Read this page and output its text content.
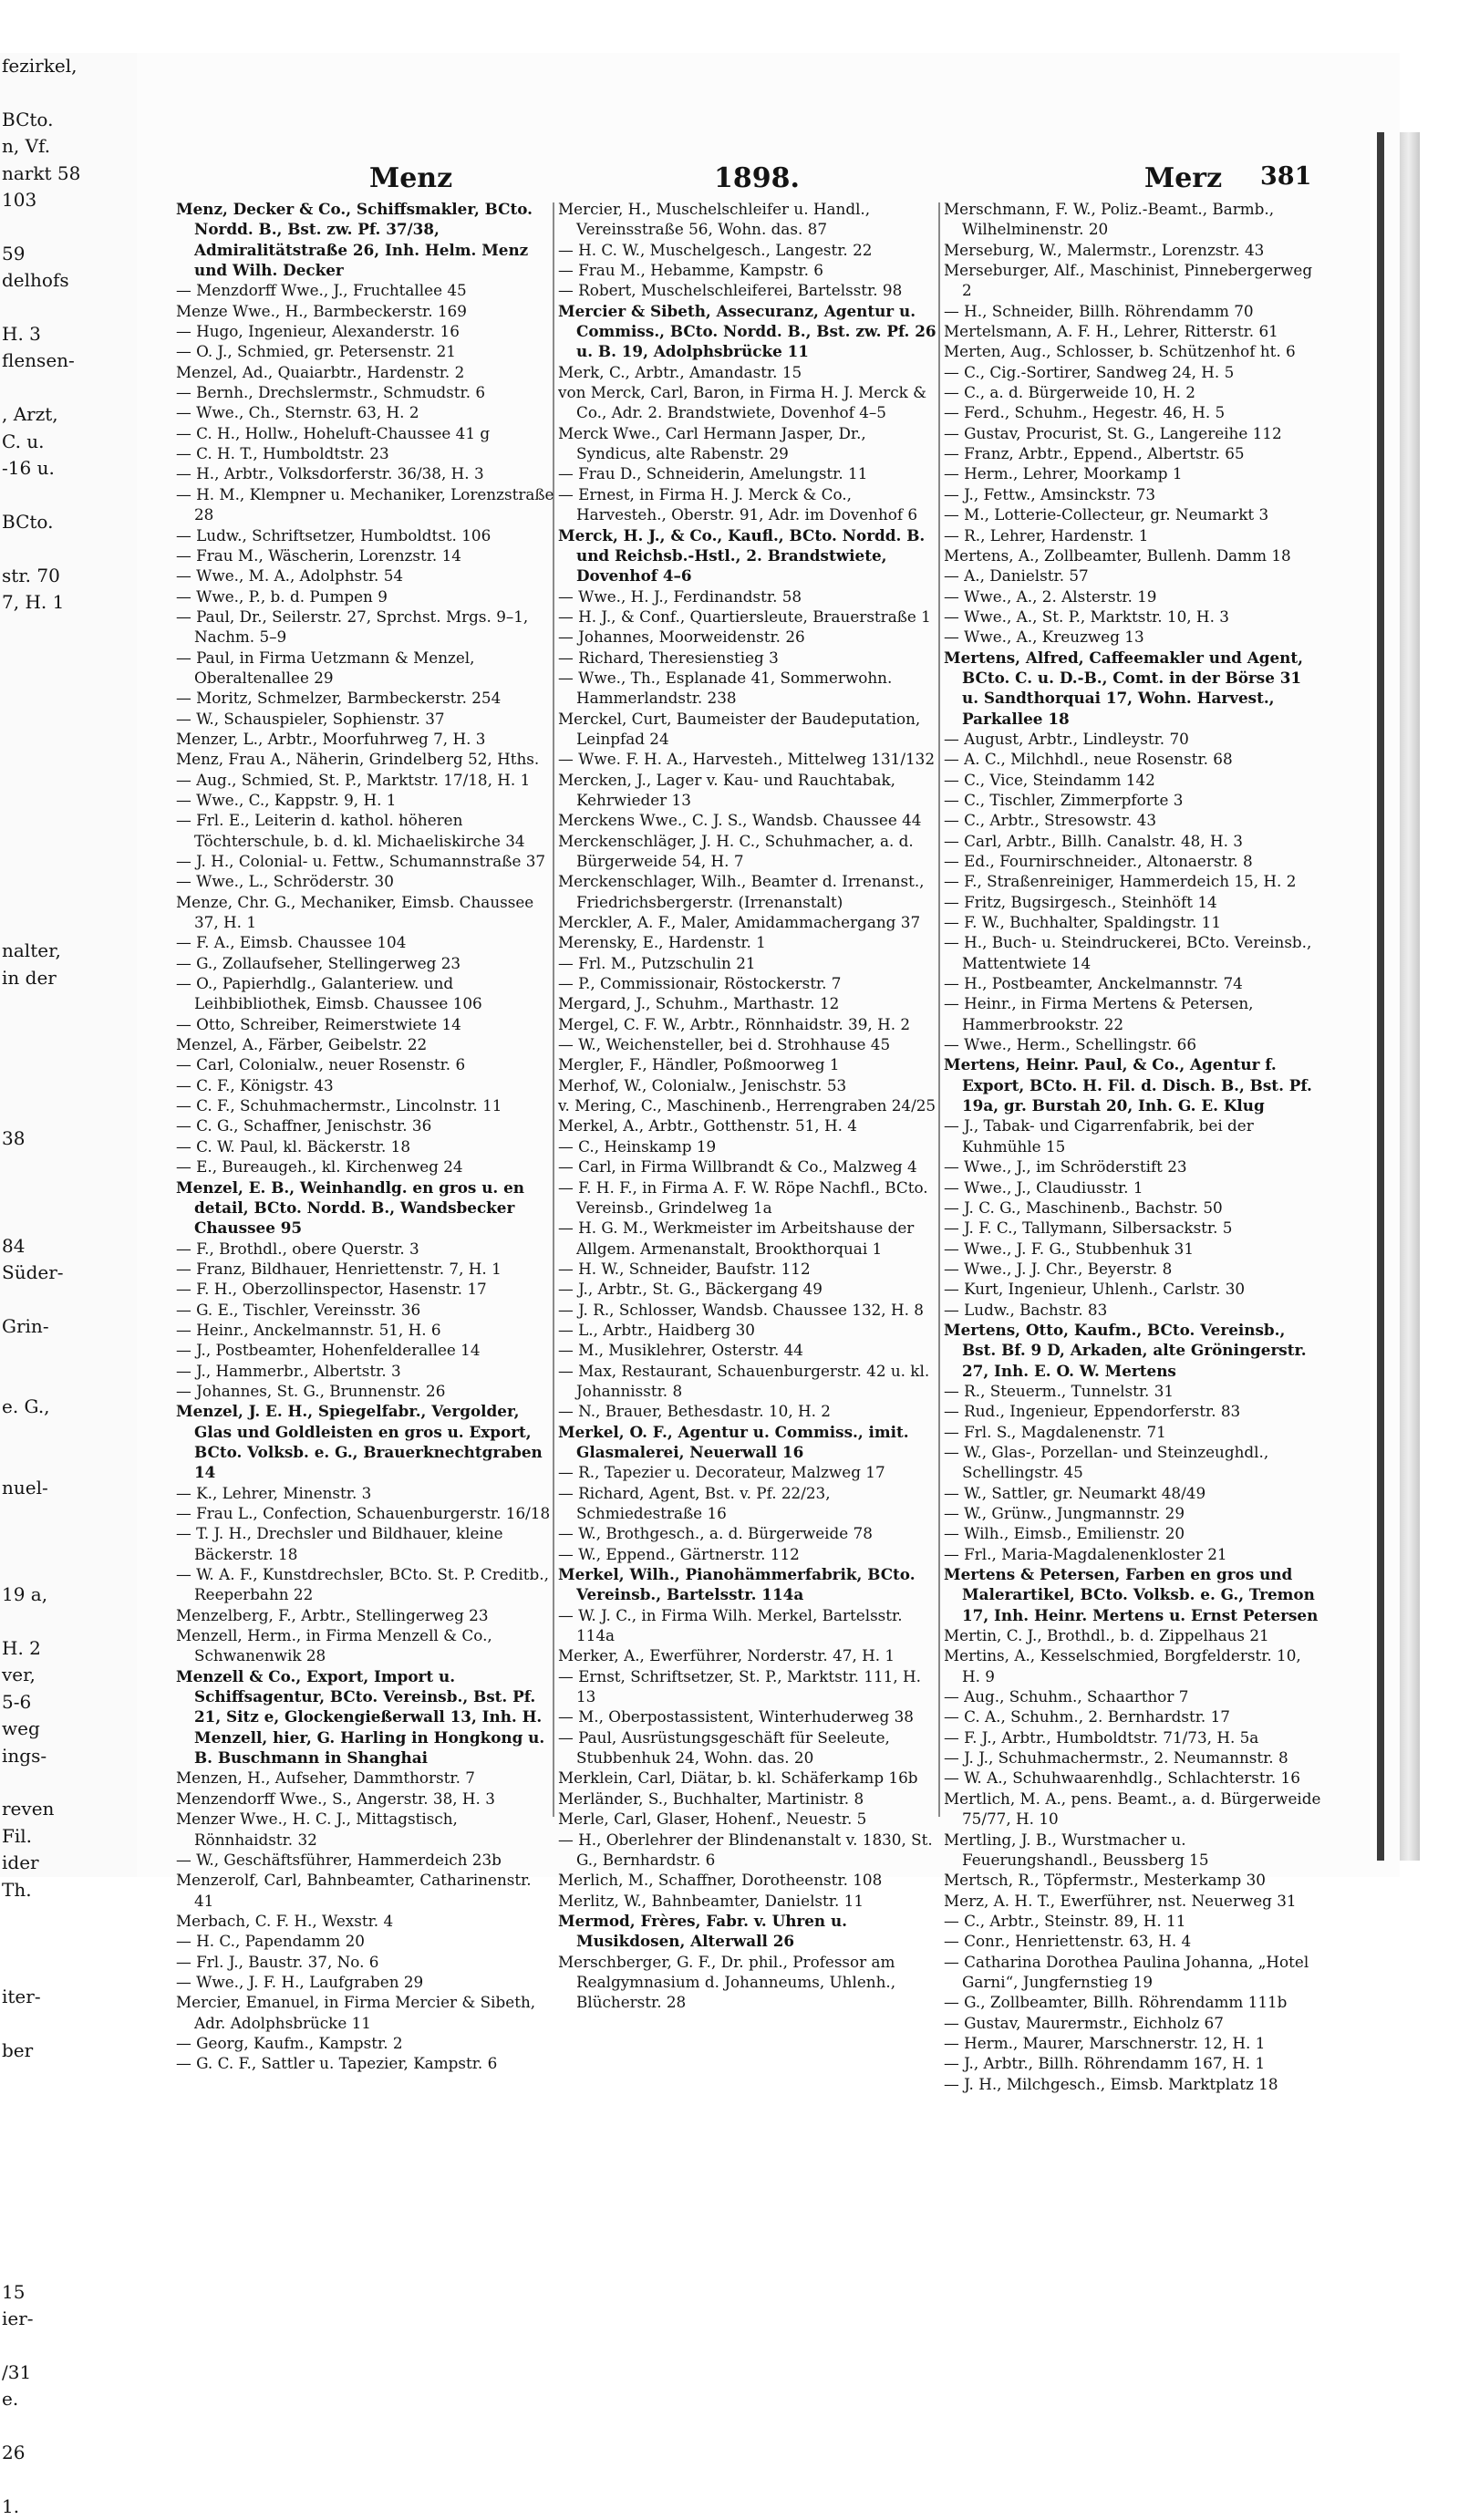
fezirkel,

BCto.
n, Vf.
narkt 58
103

59
delhofs

H. 3
flensen-

, Arzt,
C. u.
-16 u.

BCto.

str. 70
7, H. 1

nalter,
in der

38

84
Süder-

Grin-

e. G.,

nuel-

19 a,

H. 2
ver,
5-6
weg
ings-

reven
Fil.
ider
Th.

iter-

ber

15
ier-

/31
e.

26

1.
Menz	1898.	Merz 381
Menz, Decker & Co., Schiffsmakler, BCto. Nordd. B., Bst. zw. Pf. 37/38, Admiralitätstraße 26, Inh. Helm. Menz und Wilh. Decker
— Menzdorff Wwe., J., Fruchtallee 45
Menze Wwe., H., Barmbeckerstr. 169
— Hugo, Ingenieur, Alexanderstr. 16
— O. J., Schmied, gr. Petersenstr. 21
Menzel, Ad., Quaiarbtr., Hardenstr. 2
— Bernh., Drechslermstr., Schmudstr. 6
— Wwe., Ch., Sternstr. 63, H. 2
— C. H., Hollw., Hoheluft-Chaussee 41 g
— C. H. T., Humboldtstr. 23
— H., Arbtr., Volksdorferstr. 36/38, H. 3
— H. M., Klempner u. Mechaniker, Lorenzstraße 28
— Ludw., Schriftsetzer, Humboldtst. 106
— Frau M., Wäscherin, Lorenzstr. 14
— Wwe., M. A., Adolphstr. 54
— Wwe., P., b. d. Pumpen 9
— Paul, Dr., Seilerstr. 27, Sprchst. Mrgs. 9–1, Nachm. 5–9
— Paul, in Firma Uetzmann & Menzel, Oberaltenallee 29
— Moritz, Schmelzer, Barmbeckerstr. 254
— W., Schauspieler, Sophienstr. 37
Menzer, L., Arbtr., Moorfuhrweg 7, H. 3
Menz, Frau A., Näherin, Grindelberg 52, Hths.
— Aug., Schmied, St. P., Marktstr. 17/18, H. 1
— Wwe., C., Kappstr. 9, H. 1
— Frl. E., Leiterin d. kathol. höheren Töchterschule, b. d. kl. Michaeliskirche 34
— J. H., Colonial- u. Fettw., Schumannstraße 37
— Wwe., L., Schröderstr. 30
Menze, Chr. G., Mechaniker, Eimsb. Chaussee 37, H. 1
— F. A., Eimsb. Chaussee 104
— G., Zollaufseher, Stellingerweg 23
— O., Papierhdlg., Galanteriew. und Leihbibliothek, Eimsb. Chaussee 106
— Otto, Schreiber, Reimerstwiete 14
Menzel, A., Färber, Geibelstr. 22
— Carl, Colonialw., neuer Rosenstr. 6
— C. F., Königstr. 43
— C. F., Schuhmachermstr., Lincolnstr. 11
— C. G., Schaffner, Jenischstr. 36
— C. W. Paul, kl. Bäckerstr. 18
— E., Bureaugeh., kl. Kirchenweg 24
Menzel, E. B., Weinhandlg. en gros u. en detail, BCto. Nordd. B., Wandsbecker Chaussee 95
— F., Brothdl., obere Querstr. 3
— Franz, Bildhauer, Henriettenstr. 7, H. 1
— F. H., Oberzollinspector, Hasenstr. 17
— G. E., Tischler, Vereinsstr. 36
— Heinr., Anckelmannstr. 51, H. 6
— J., Postbeamter, Hohenfelderallee 14
— J., Hammerbr., Albertstr. 3
— Johannes, St. G., Brunnenstr. 26
Menzel, J. E. H., Spiegelfabr., Vergolder, Glas und Goldleisten en gros u. Export, BCto. Volksb. e. G., Brauerknechtgraben 14
— K., Lehrer, Minenstr. 3
— Frau L., Confection, Schauenburgerstr. 16/18
— T. J. H., Drechsler und Bildhauer, kleine Bäckerstr. 18
— W. A. F., Kunstdrechsler, BCto. St. P. Creditb., Reeperbahn 22
Menzelberg, F., Arbtr., Stellingerweg 23
Menzell, Herm., in Firma Menzell & Co., Schwanenwik 28
Menzell & Co., Export, Import u. Schiffsagentur, BCto. Vereinsb., Bst. Pf. 21, Sitz e, Glockengießerwall 13, Inh. H. Menzell, hier, G. Harling in Hongkong u. B. Buschmann in Shanghai
Menzen, H., Aufseher, Dammthorstr. 7
Menzendorff Wwe., S., Angerstr. 38, H. 3
Menzer Wwe., H. C. J., Mittagstisch, Rönnhaidstr. 32
— W., Geschäftsführer, Hammerdeich 23b
Menzerolf, Carl, Bahnbeamter, Catharinenstr. 41
Merbach, C. F. H., Wexstr. 4
— H. C., Papendamm 20
— Frl. J., Baustr. 37, No. 6
— Wwe., J. F. H., Laufgraben 29
Mercier, Emanuel, in Firma Mercier & Sibeth, Adr. Adolphsbrücke 11
— Georg, Kaufm., Kampstr. 2
— G. C. F., Sattler u. Tapezier, Kampstr. 6
Mercier, H., Muschelschleifer u. Handl., Vereinsstraße 56, Wohn. das. 87
— H. C. W., Muschelgesch., Langestr. 22
— Frau M., Hebamme, Kampstr. 6
— Robert, Muschelschleiferei, Bartelsstr. 98
Mercier & Sibeth, Assecuranz, Agentur u. Commiss., BCto. Nordd. B., Bst. zw. Pf. 26 u. B. 19, Adolphsbrücke 11
Merk, C., Arbtr., Amandastr. 15
von Merck, Carl, Baron, in Firma H. J. Merck & Co., Adr. 2. Brandstwiete, Dovenhof 4–5
Merck Wwe., Carl Hermann Jasper, Dr., Syndicus, alte Rabenstr. 29
— Frau D., Schneiderin, Amelungstr. 11
— Ernest, in Firma H. J. Merck & Co., Harvesteh., Oberstr. 91, Adr. im Dovenhof 6
Merck, H. J., & Co., Kaufl., BCto. Nordd. B. und Reichsb.-Hstl., 2. Brandstwiete, Dovenhof 4–6
— Wwe., H. J., Ferdinandstr. 58
— H. J., & Conf., Quartiersleute, Brauerstraße 1
— Johannes, Moorweidenstr. 26
— Richard, Theresienstieg 3
— Wwe., Th., Esplanade 41, Sommerwohn. Hammerlandstr. 238
Merckel, Curt, Baumeister der Baudeputation, Leinpfad 24
— Wwe. F. H. A., Harvesteh., Mittelweg 131/132
Mercken, J., Lager v. Kau- und Rauchtabak, Kehrwieder 13
Merckens Wwe., C. J. S., Wandsb. Chaussee 44
Merckenschläger, J. H. C., Schuhmacher, a. d. Bürgerweide 54, H. 7
Merckenschlager, Wilh., Beamter d. Irrenanst., Friedrichsbergerstr. (Irrenanstalt)
Merckler, A. F., Maler, Amidammachergang 37
Merensky, E., Hardenstr. 1
— Frl. M., Putzschulin 21
— P., Commissionair, Röstockerstr. 7
Mergard, J., Schuhm., Marthastr. 12
Mergel, C. F. W., Arbtr., Rönnhaidstr. 39, H. 2
— W., Weichensteller, bei d. Strohhause 45
Mergler, F., Händler, Poßmoorweg 1
Merhof, W., Colonialw., Jenischstr. 53
v. Mering, C., Maschinenb., Herrengraben 24/25
Merkel, A., Arbtr., Gotthenstr. 51, H. 4
— C., Heinskamp 19
— Carl, in Firma Willbrandt & Co., Malzweg 4
— F. H. F., in Firma A. F. W. Röpe Nachfl., BCto. Vereinsb., Grindelweg 1a
— H. G. M., Werkmeister im Arbeitshause der Allgem. Armenanstalt, Brookthorquai 1
— H. W., Schneider, Baufstr. 112
— J., Arbtr., St. G., Bäckergang 49
— J. R., Schlosser, Wandsb. Chaussee 132, H. 8
— L., Arbtr., Haidberg 30
— M., Musiklehrer, Osterstr. 44
— Max, Restaurant, Schauenburgerstr. 42 u. kl. Johannisstr. 8
— N., Brauer, Bethesdastr. 10, H. 2
Merkel, O. F., Agentur u. Commiss., imit. Glasmalerei, Neuerwall 16
— R., Tapezier u. Decorateur, Malzweg 17
— Richard, Agent, Bst. v. Pf. 22/23, Schmiedestraße 16
— W., Brothgesch., a. d. Bürgerweide 78
— W., Eppend., Gärtnerstr. 112
Merkel, Wilh., Pianohämmerfabrik, BCto. Vereinsb., Bartelsstr. 114a
— W. J. C., in Firma Wilh. Merkel, Bartelsstr. 114a
Merker, A., Ewerführer, Norderstr. 47, H. 1
— Ernst, Schriftsetzer, St. P., Marktstr. 111, H. 13
— M., Oberpostassistent, Winterhuderweg 38
— Paul, Ausrüstungsgeschäft für Seeleute, Stubbenhuk 24, Wohn. das. 20
Merklein, Carl, Diätar, b. kl. Schäferkamp 16b
Merländer, S., Buchhalter, Martinistr. 8
Merle, Carl, Glaser, Hohenf., Neuestr. 5
— H., Oberlehrer der Blindenanstalt v. 1830, St. G., Bernhardstr. 6
Merlich, M., Schaffner, Dorotheenstr. 108
Merlitz, W., Bahnbeamter, Danielstr. 11
Mermod, Frères, Fabr. v. Uhren u. Musikdosen, Alterwall 26
Merschberger, G. F., Dr. phil., Professor am Realgymnasium d. Johanneums, Uhlenh., Blücherstr. 28
Merschmann, F. W., Poliz.-Beamt., Barmb., Wilhelminenstr. 20
Merseburg, W., Malermstr., Lorenzstr. 43
Merseburger, Alf., Maschinist, Pinnebergerweg 2
— H., Schneider, Billh. Röhrendamm 70
Mertelsmann, A. F. H., Lehrer, Ritterstr. 61
Merten, Aug., Schlosser, b. Schützenhof ht. 6
— C., Cig.-Sortirer, Sandweg 24, H. 5
— C., a. d. Bürgerweide 10, H. 2
— Ferd., Schuhm., Hegestr. 46, H. 5
— Gustav, Procurist, St. G., Langereihe 112
— Franz, Arbtr., Eppend., Albertstr. 65
— Herm., Lehrer, Moorkamp 1
— J., Fettw., Amsinckstr. 73
— M., Lotterie-Collecteur, gr. Neumarkt 3
— R., Lehrer, Hardenstr. 1
Mertens, A., Zollbeamter, Bullenh. Damm 18
— A., Danielstr. 57
— Wwe., A., 2. Alsterstr. 19
— Wwe., A., St. P., Marktstr. 10, H. 3
— Wwe., A., Kreuzweg 13
Mertens, Alfred, Caffeemakler und Agent, BCto. C. u. D.-B., Comt. in der Börse 31 u. Sandthorquai 17, Wohn. Harvest., Parkallee 18
— August, Arbtr., Lindleystr. 70
— A. C., Milchhdl., neue Rosenstr. 68
— C., Vice, Steindamm 142
— C., Tischler, Zimmerpforte 3
— C., Arbtr., Stresowstr. 43
— Carl, Arbtr., Billh. Canalstr. 48, H. 3
— Ed., Fournirschneider., Altonaerstr. 8
— F., Straßenreiniger, Hammerdeich 15, H. 2
— Fritz, Bugsirgesch., Steinhöft 14
— F. W., Buchhalter, Spaldingstr. 11
— H., Buch- u. Steindruckerei, BCto. Vereinsb., Mattentwiete 14
— H., Postbeamter, Anckelmannstr. 74
— Heinr., in Firma Mertens & Petersen, Hammerbrookstr. 22
— Wwe., Herm., Schellingstr. 66
Mertens, Heinr. Paul, & Co., Agentur f. Export, BCto. H. Fil. d. Disch. B., Bst. Pf. 19a, gr. Burstah 20, Inh. G. E. Klug
— J., Tabak- und Cigarrenfabrik, bei der Kuhmühle 15
— Wwe., J., im Schröderstift 23
— Wwe., J., Claudiusstr. 1
— J. C. G., Maschinenb., Bachstr. 50
— J. F. C., Tallymann, Silbersackstr. 5
— Wwe., J. F. G., Stubbenhuk 31
— Wwe., J. J. Chr., Beyerstr. 8
— Kurt, Ingenieur, Uhlenh., Carlstr. 30
— Ludw., Bachstr. 83
Mertens, Otto, Kaufm., BCto. Vereinsb., Bst. Bf. 9 D, Arkaden, alte Gröningerstr. 27, Inh. E. O. W. Mertens
— R., Steuerm., Tunnelstr. 31
— Rud., Ingenieur, Eppendorferstr. 83
— Frl. S., Magdalenenstr. 71
— W., Glas-, Porzellan- und Steinzeughdl., Schellingstr. 45
— W., Sattler, gr. Neumarkt 48/49
— W., Grünw., Jungmannstr. 29
— Wilh., Eimsb., Emilienstr. 20
— Frl., Maria-Magdalenenkloster 21
Mertens & Petersen, Farben en gros und Malerartikel, BCto. Volksb. e. G., Tremon 17, Inh. Heinr. Mertens u. Ernst Petersen
Mertin, C. J., Brothdl., b. d. Zippelhaus 21
Mertins, A., Kesselschmied, Borgfelderstr. 10, H. 9
— Aug., Schuhm., Schaarthor 7
— C. A., Schuhm., 2. Bernhardstr. 17
— F. J., Arbtr., Humboldtstr. 71/73, H. 5a
— J. J., Schuhmachermstr., 2. Neumannstr. 8
— W. A., Schuhwaarenhdlg., Schlachterstr. 16
Mertlich, M. A., pens. Beamt., a. d. Bürgerweide 75/77, H. 10
Mertling, J. B., Wurstmacher u. Feuerungshandl., Beussberg 15
Mertsch, R., Töpfermstr., Mesterkamp 30
Merz, A. H. T., Ewerführer, nst. Neuerweg 31
— C., Arbtr., Steinstr. 89, H. 11
— Conr., Henriettenstr. 63, H. 4
— Catharina Dorothea Paulina Johanna, „Hotel Garni“, Jungfernstieg 19
— G., Zollbeamter, Billh. Röhrendamm 111b
— Gustav, Maurermstr., Eichholz 67
— Herm., Maurer, Marschnerstr. 12, H. 1
— J., Arbtr., Billh. Röhrendamm 167, H. 1
— J. H., Milchgesch., Eimsb. Marktplatz 18
